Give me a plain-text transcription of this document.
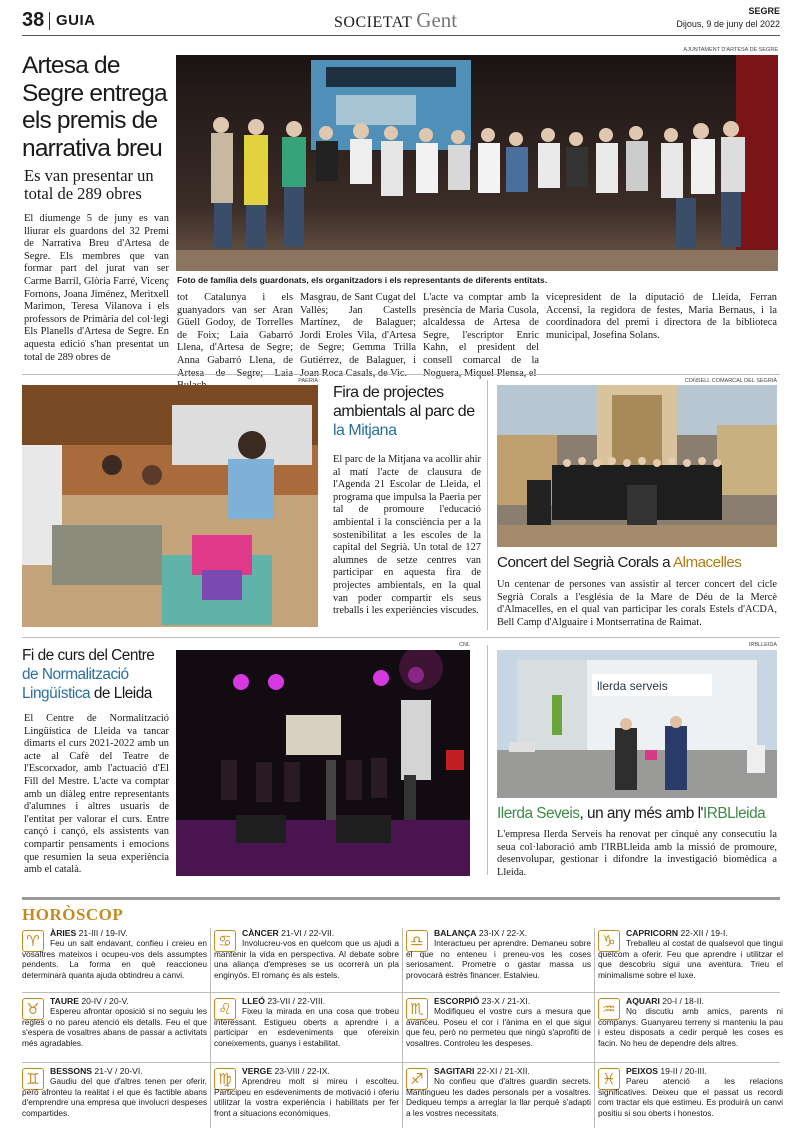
38 GUIA	SOCIETAT Gent	SEGRE
Dijous, 9 de juny del 2022
Artesa de Segre entrega els premis de narrativa breu
Es van presentar un total de 289 obres
El diumenge 5 de juny es van lliurar els guardons del 32 Premi de Narrativa Breu d'Artesa de Segre. Els membres que van formar part del jurat van ser Carme Barril, Glòria Farré, Vicenç Fornons, Joana Jiménez, Meritxell Marimon, Teresa Vilanova i els professors de Primària del col·legi Els Planells d'Artesa de Segre. En aquesta edició s'han presentat un total de 289 obres de
AJUNTAMENT D'ARTESA DE SEGRE
Foto de família dels guardonats, els organitzadors i els representants de diferents entitats.
tot Catalunya i els guanyadors van ser Aran Güell Godoy, de Torrelles de Foix; Laia Gabarró Llena, d'Artesa de Segre; Anna Gabarró Llena, de
Masgrau, de Sant Cugat del Vallès; Jan Castells Martínez, de Balaguer; Jordi Eroles Vila, d'Artesa de Segre; Gemma Trilla Gutiérrez, de Balaguer, i
L'acte va comptar amb la presència de Maria Cusola, alcaldessa de Artesa de Segre, l'escriptor Enric Kahn, el president del consell comarcal de la
vicepresident de la diputació de Lleida, Ferran Accensi, la regidora de festes, Maria Bernaus, i la coordinadora del premi i directora de la biblioteca municipal, Josefina Solans.
PAERIA
Fira de projectes ambientals al parc de la Mitjana
El parc de la Mitjana va acollir ahir al matí l'acte de clausura de l'Agenda 21 Escolar de Lleida, el programa que impulsa la Paeria per tal de promoure l'educació ambiental i la consciència per a la sostenibilitat a les escoles de la capital del Segrià. Un total de 127 alumnes de setze centres van participar en aquesta fira de projectes ambientals, en la qual van poder compartir els seus treballs i les experiències viscudes.
CONSELL COMARCAL DEL SEGRIÀ
Concert del Segrià Corals a Almacelles
Un centenar de persones van assistir al tercer concert del cicle Segrià Corals a l'església de la Mare de Déu de la Mercè d'Almacelles, en el qual van participar les corals Estels d'ACDA, Bell Camp d'Alguaire i Montserratina de Raimat.
Fi de curs del Centre de Normalització Lingüística de Lleida
El Centre de Normalització Lingüística de Lleida va tancar dimarts el curs 2021-2022 amb un acte al Cafè del Teatre de l'Escorxador, amb l'actuació d'El Fill del Mestre. L'acte va comptar amb un diàleg entre representants d'alumnes i altres usuaris de l'entitat per valorar el curs. Entre cançó i cançó, els assistents van compartir pensaments i emocions que resumien la seua experiència amb el català.
CNL	IRBLLEIDA
llerda serveis
Ilerda Seveis, un any més amb l'IRBLleida
L'empresa Ilerda Serveis ha renovat per cinquè any consecutiu la seua col·laboració amb l'IRBLleida amb la missió de promoure, desenvolupar, gestionar i difondre la investigació biomèdica a Lleida.
HORÒSCOP
♈	ÀRIES 21-III / 19-IV.
Feu un salt endavant, confieu i creieu en vosaltres mateixos i ocupeu-vos dels assumptes pendents. La forma en què reaccioneu determinarà quanta ajuda obtindreu a canvi.
♋	CÀNCER 21-VI / 22-VII.
Involucreu-vos en quelcom que us ajudi a mantenir la vida en perspectiva. Al debate sobre una aliança d'empreses se us ocorrerà un pla enginyós. El romanç és als estels.
♎	BALANÇA 23-IX / 22-X.
Interactueu per aprendre. Demaneu sobre el que no enteneu i preneu-vos les coses seriosament. Prometre o gastar massa us provocarà estrès financer. Estalvieu.
♑	CAPRICORN 22-XII / 19-I.
Treballeu al costat de qualsevol que tingui quelcom a oferir. Feu que aprendre i utilitzar el que descobriu sigui una aventura. Trieu el minimalisme sobre el luxe.
♉	TAURE 20-IV / 20-V.
Espereu afrontar oposició si no seguiu les regles o no pareu atenció els detalls. Feu el que s'espera de vosaltres abans de passar a activitats més agradables.
♌	LLEÓ 23-VII / 22-VIII.
Fixeu la mirada en una cosa que trobeu interessant. Estigueu oberts a aprendre i a participar en esdeveniments que ofereixin coneixements, guanys i estabilitat.
♏	ESCORPIÓ 23-X / 21-XI.
Modifiqueu el vostre curs a mesura que avanceu. Poseu el cor i l'ànima en el que sigui que feu, però no permeteu que ningú s'aprofiti de vosaltres. Controleu les despeses.
♒	AQUARI 20-I / 18-II.
No discutiu amb amics, parents ni companys. Guanyareu terreny si manteniu la pau i esteu disposats a cedir perquè les coses es facin. No heu de dependre dels altres.
♊	BESSONS 21-V / 20-VI.
Gaudiu del que d'altres tenen per oferir, però afronteu la realitat i el que és factible abans d'emprendre una empresa que involucri despeses compartides.
♍	VERGE 23-VIII / 22-IX.
Aprendreu molt si mireu i escolteu. Participeu en esdeveniments de motivació i oferiu utilitzar la vostra experiència i habilitats per fer front a situacions econòmiques.
♐	SAGITARI 22-XI / 21-XII.
No confieu que d'altres guardin secrets. Mantingueu les dades personals per a vosaltres. Dediqueu temps a arreglar la llar perquè s'adapti a les vostres necessitats.
♓	PEIXOS 19-II / 20-III.
Pareu atenció a les relacions significatives. Deixeu que el passat us recordi com tractar els que estimeu. Es produirà un canvi positiu si sou oberts i honestos.
